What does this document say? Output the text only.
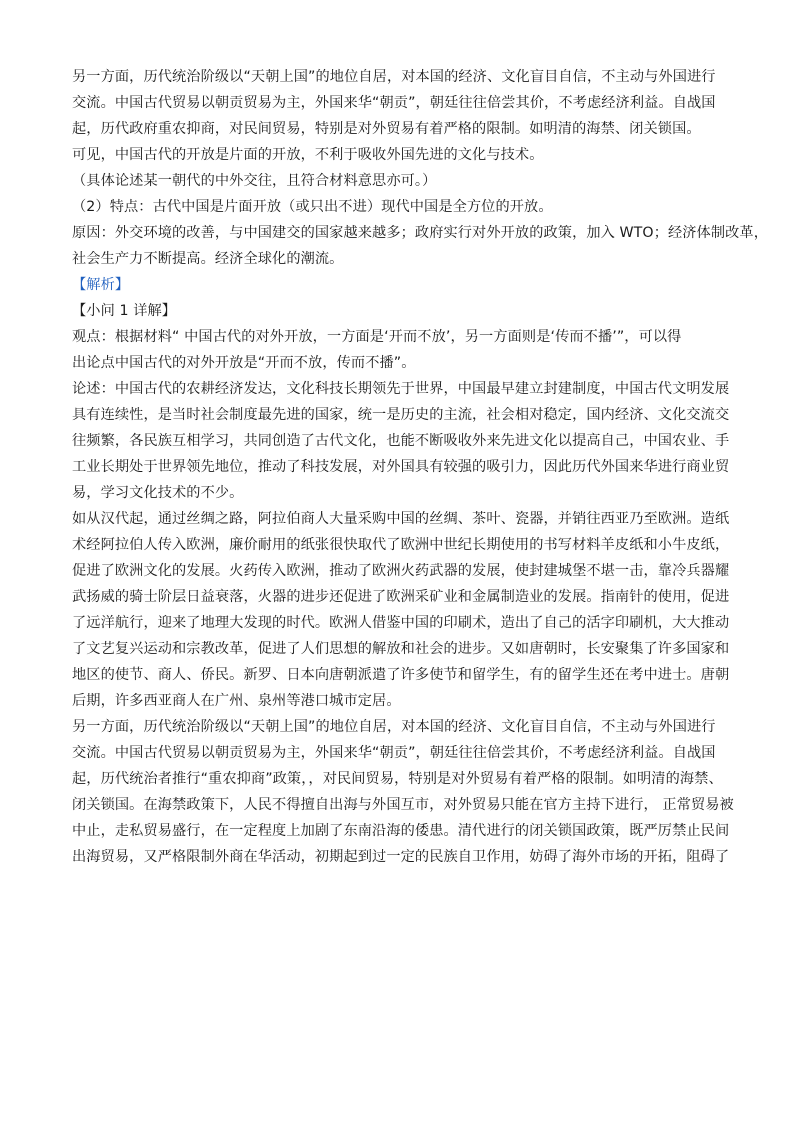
另一方面，历代统治阶级以“天朝上国”的地位自居，对本国的经济、文化盲目自信，不主动与外国进行

交流。中国古代贸易以朝贡贸易为主，外国来华“朝贡”，朝廷往往倍尝其价，不考虑经济利益。自战国

起，历代政府重农抑商，对民间贸易，特别是对外贸易有着严格的限制。如明清的海禁、闭关锁国。

可见，中国古代的开放是片面的开放，不利于吸收外国先进的文化与技术。

（具体论述某一朝代的中外交往，且符合材料意思亦可。）

（2）特点：古代中国是片面开放（或只出不进）现代中国是全方位的开放。

原因：外交环境的改善，与中国建交的国家越来越多；政府实行对外开放的政策，加入 WTO；经济体制改革，

社会生产力不断提高。经济全球化的潮流。

【解析】

【小问 1 详解】

观点：根据材料“ 中国古代的对外开放，一方面是‘开而不放’，另一方面则是‘传而不播’”，可以得

出论点中国古代的对外开放是“开而不放，传而不播”。

论述：中国古代的农耕经济发达，文化科技长期领先于世界，中国最早建立封建制度，中国古代文明发展

具有连续性，是当时社会制度最先进的国家，统一是历史的主流，社会相对稳定，国内经济、文化交流交

往频繁，各民族互相学习，共同创造了古代文化，也能不断吸收外来先进文化以提高自己，中国农业、手

工业长期处于世界领先地位，推动了科技发展，对外国具有较强的吸引力，因此历代外国来华进行商业贸

易，学习文化技术的不少。

如从汉代起，通过丝绸之路，阿拉伯商人大量采购中国的丝绸、茶叶、瓷器，并销往西亚乃至欧洲。造纸

术经阿拉伯人传入欧洲，廉价耐用的纸张很快取代了欧洲中世纪长期使用的书写材料羊皮纸和小牛皮纸，

促进了欧洲文化的发展。火药传入欧洲，推动了欧洲火药武器的发展，使封建城堡不堪一击，靠冷兵器耀

武扬威的骑士阶层日益衰落，火器的进步还促进了欧洲采矿业和金属制造业的发展。指南针的使用，促进

了远洋航行，迎来了地理大发现的时代。欧洲人借鉴中国的印刷术，造出了自己的活字印刷机，大大推动

了文艺复兴运动和宗教改革，促进了人们思想的解放和社会的进步。又如唐朝时，长安聚集了许多国家和

地区的使节、商人、侨民。新罗、日本向唐朝派遣了许多使节和留学生，有的留学生还在考中进士。唐朝

后期，许多西亚商人在广州、泉州等港口城市定居。

另一方面，历代统治阶级以“天朝上国”的地位自居，对本国的经济、文化盲目自信，不主动与外国进行

交流。中国古代贸易以朝贡贸易为主，外国来华“朝贡”，朝廷往往倍尝其价，不考虑经济利益。自战国

起，历代统治者推行“重农抑商”政策，，对民间贸易，特别是对外贸易有着严格的限制。如明清的海禁、

闭关锁国。在海禁政策下，人民不得擅自出海与外国互市，对外贸易只能在官方主持下进行， 正常贸易被

中止，走私贸易盛行，在一定程度上加剧了东南沿海的倭患。清代进行的闭关锁国政策，既严厉禁止民间

出海贸易，又严格限制外商在华活动，初期起到过一定的民族自卫作用，妨碍了海外市场的开拓，阻碍了
